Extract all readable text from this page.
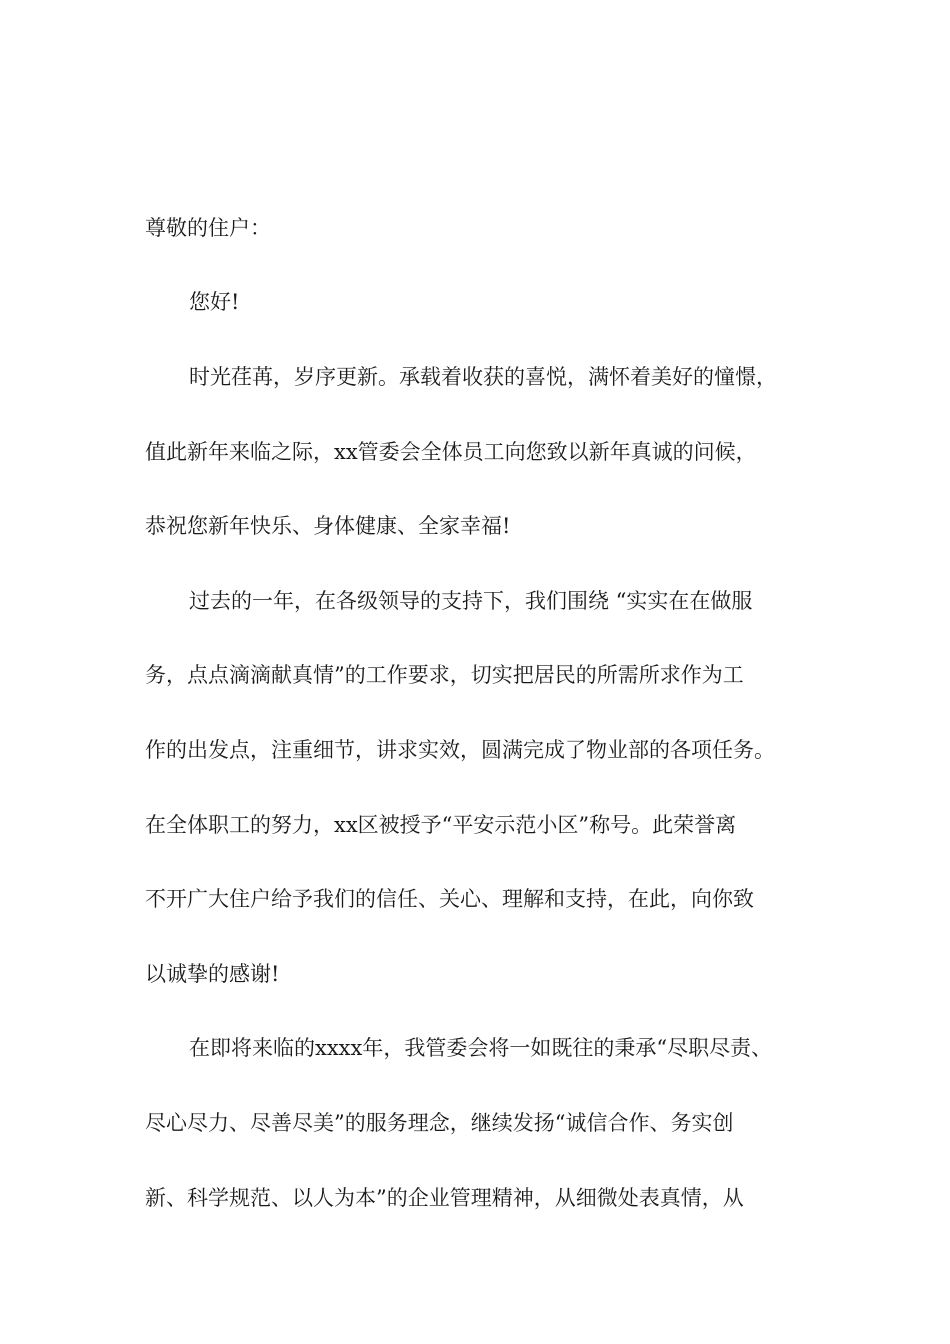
尊敬的住户：
您好!
时光荏苒，岁序更新。承载着收获的喜悦，满怀着美好的憧憬，
值此新年来临之际，xx管委会全体员工向您致以新年真诚的问候，
恭祝您新年快乐、身体健康、全家幸福!
过去的一年，在各级领导的支持下，我们围绕 “实实在在做服
务，点点滴滴献真情”的工作要求，切实把居民的所需所求作为工
作的出发点，注重细节，讲求实效，圆满完成了物业部的各项任务。
在全体职工的努力，xx区被授予“平安示范小区”称号。此荣誉离
不开广大住户给予我们的信任、关心、理解和支持，在此，向你致
以诚挚的感谢!
在即将来临的xxxx年，我管委会将一如既往的秉承“尽职尽责、
尽心尽力、尽善尽美”的服务理念，继续发扬“诚信合作、务实创
新、科学规范、以人为本”的企业管理精神，从细微处表真情，从
